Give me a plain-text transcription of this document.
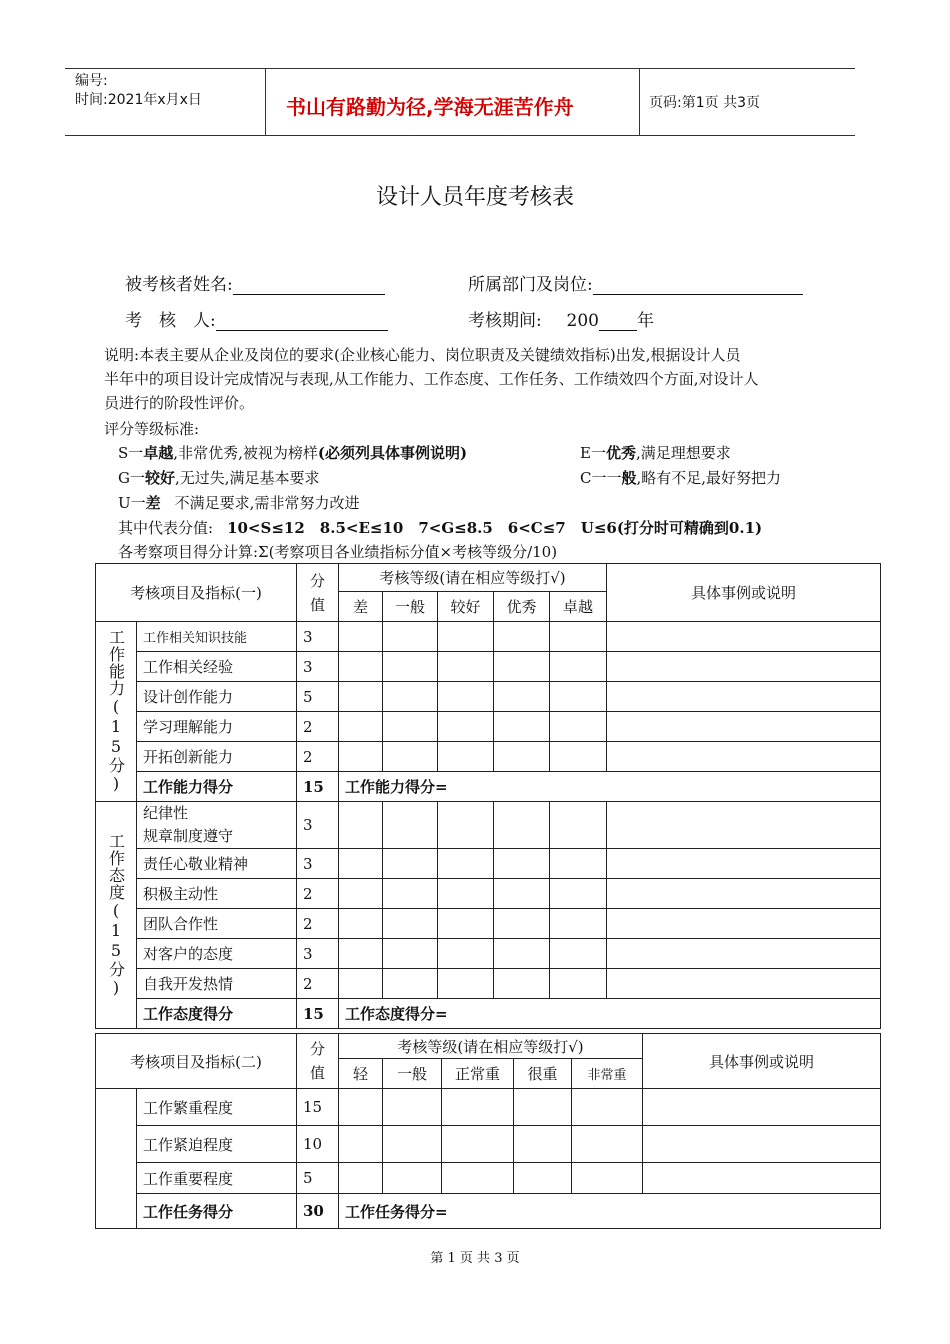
编号:
时间:2021年x月x日	书山有路勤为径,学海无涯苦作舟	页码:第1页 共3页
设计人员年度考核表
被考核者姓名:	所属部门及岗位:
考　核　人:	考核期间: 200 年
说明:本表主要从企业及岗位的要求(企业核心能力、岗位职责及关键绩效指标)出发,根据设计人员
半年中的项目设计完成情况与表现,从工作能力、工作态度、工作任务、工作绩效四个方面,对设计人
员进行的阶段性评价。
评分等级标准:
S一卓越,非常优秀,被视为榜样(必须列具体事例说明)	E一优秀,满足理想要求
G一较好,无过失,满足基本要求	C一一般,略有不足,最好努把力
U一差 不满足要求,需非常努力改进
其中代表分值: 10<S≤12　8.5<E≤10　7<G≤8.5　6<C≤7　U≤6(打分时可精确到0.1)
各考察项目得分计算:Σ(考察项目各业绩指标分值×考核等级分/10)
考核项目及指标(一)		分
值	考核等级(请在相应等级打√)					具体事例或说明
			差	一般	较好	优秀	卓越	

工作能力(15分)	工作相关知识技能	3						
	工作相关经验	3						
	设计创作能力	5						
	学习理解能力	2						
	开拓创新能力	2						
	工作能力得分	15	工作能力得分=					

工作态度(15分)	纪律性
规章制度遵守	3						
	责任心敬业精神	3						
	积极主动性	2						
	团队合作性	2						
	对客户的态度	3						
	自我开发热情	2						
	工作态度得分	15	工作态度得分=					
考核项目及指标(二)		分
值	考核等级(请在相应等级打√)					具体事例或说明
			轻	一般	正常重	很重	非常重	
	工作繁重程度	15						
	工作紧迫程度	10						
	工作重要程度	5						
	工作任务得分	30	工作任务得分=					
第 1 页 共 3 页
